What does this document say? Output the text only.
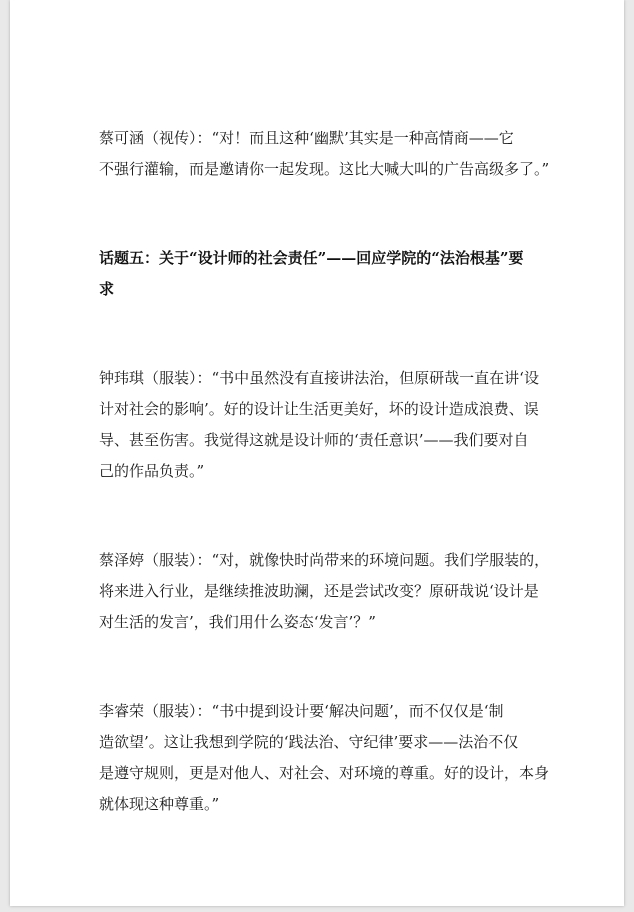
蔡可涵（视传）：“对！而且这种‘幽默’其实是一种高情商——它
不强行灌输，而是邀请你一起发现。这比大喊大叫的广告高级多了。”

话题五：关于“设计师的社会责任”——回应学院的“法治根基”要
求

钟玮琪（服装）：“书中虽然没有直接讲法治，但原研哉一直在讲‘设
计对社会的影响’。好的设计让生活更美好，坏的设计造成浪费、误
导、甚至伤害。我觉得这就是设计师的‘责任意识’——我们要对自
己的作品负责。”

蔡泽婷（服装）：“对，就像快时尚带来的环境问题。我们学服装的，
将来进入行业，是继续推波助澜，还是尝试改变？原研哉说‘设计是
对生活的发言’，我们用什么姿态‘发言’？”

李睿荣（服装）：“书中提到设计要‘解决问题’，而不仅仅是‘制
造欲望’。这让我想到学院的‘践法治、守纪律’要求——法治不仅
是遵守规则，更是对他人、对社会、对环境的尊重。好的设计，本身
就体现这种尊重。”
